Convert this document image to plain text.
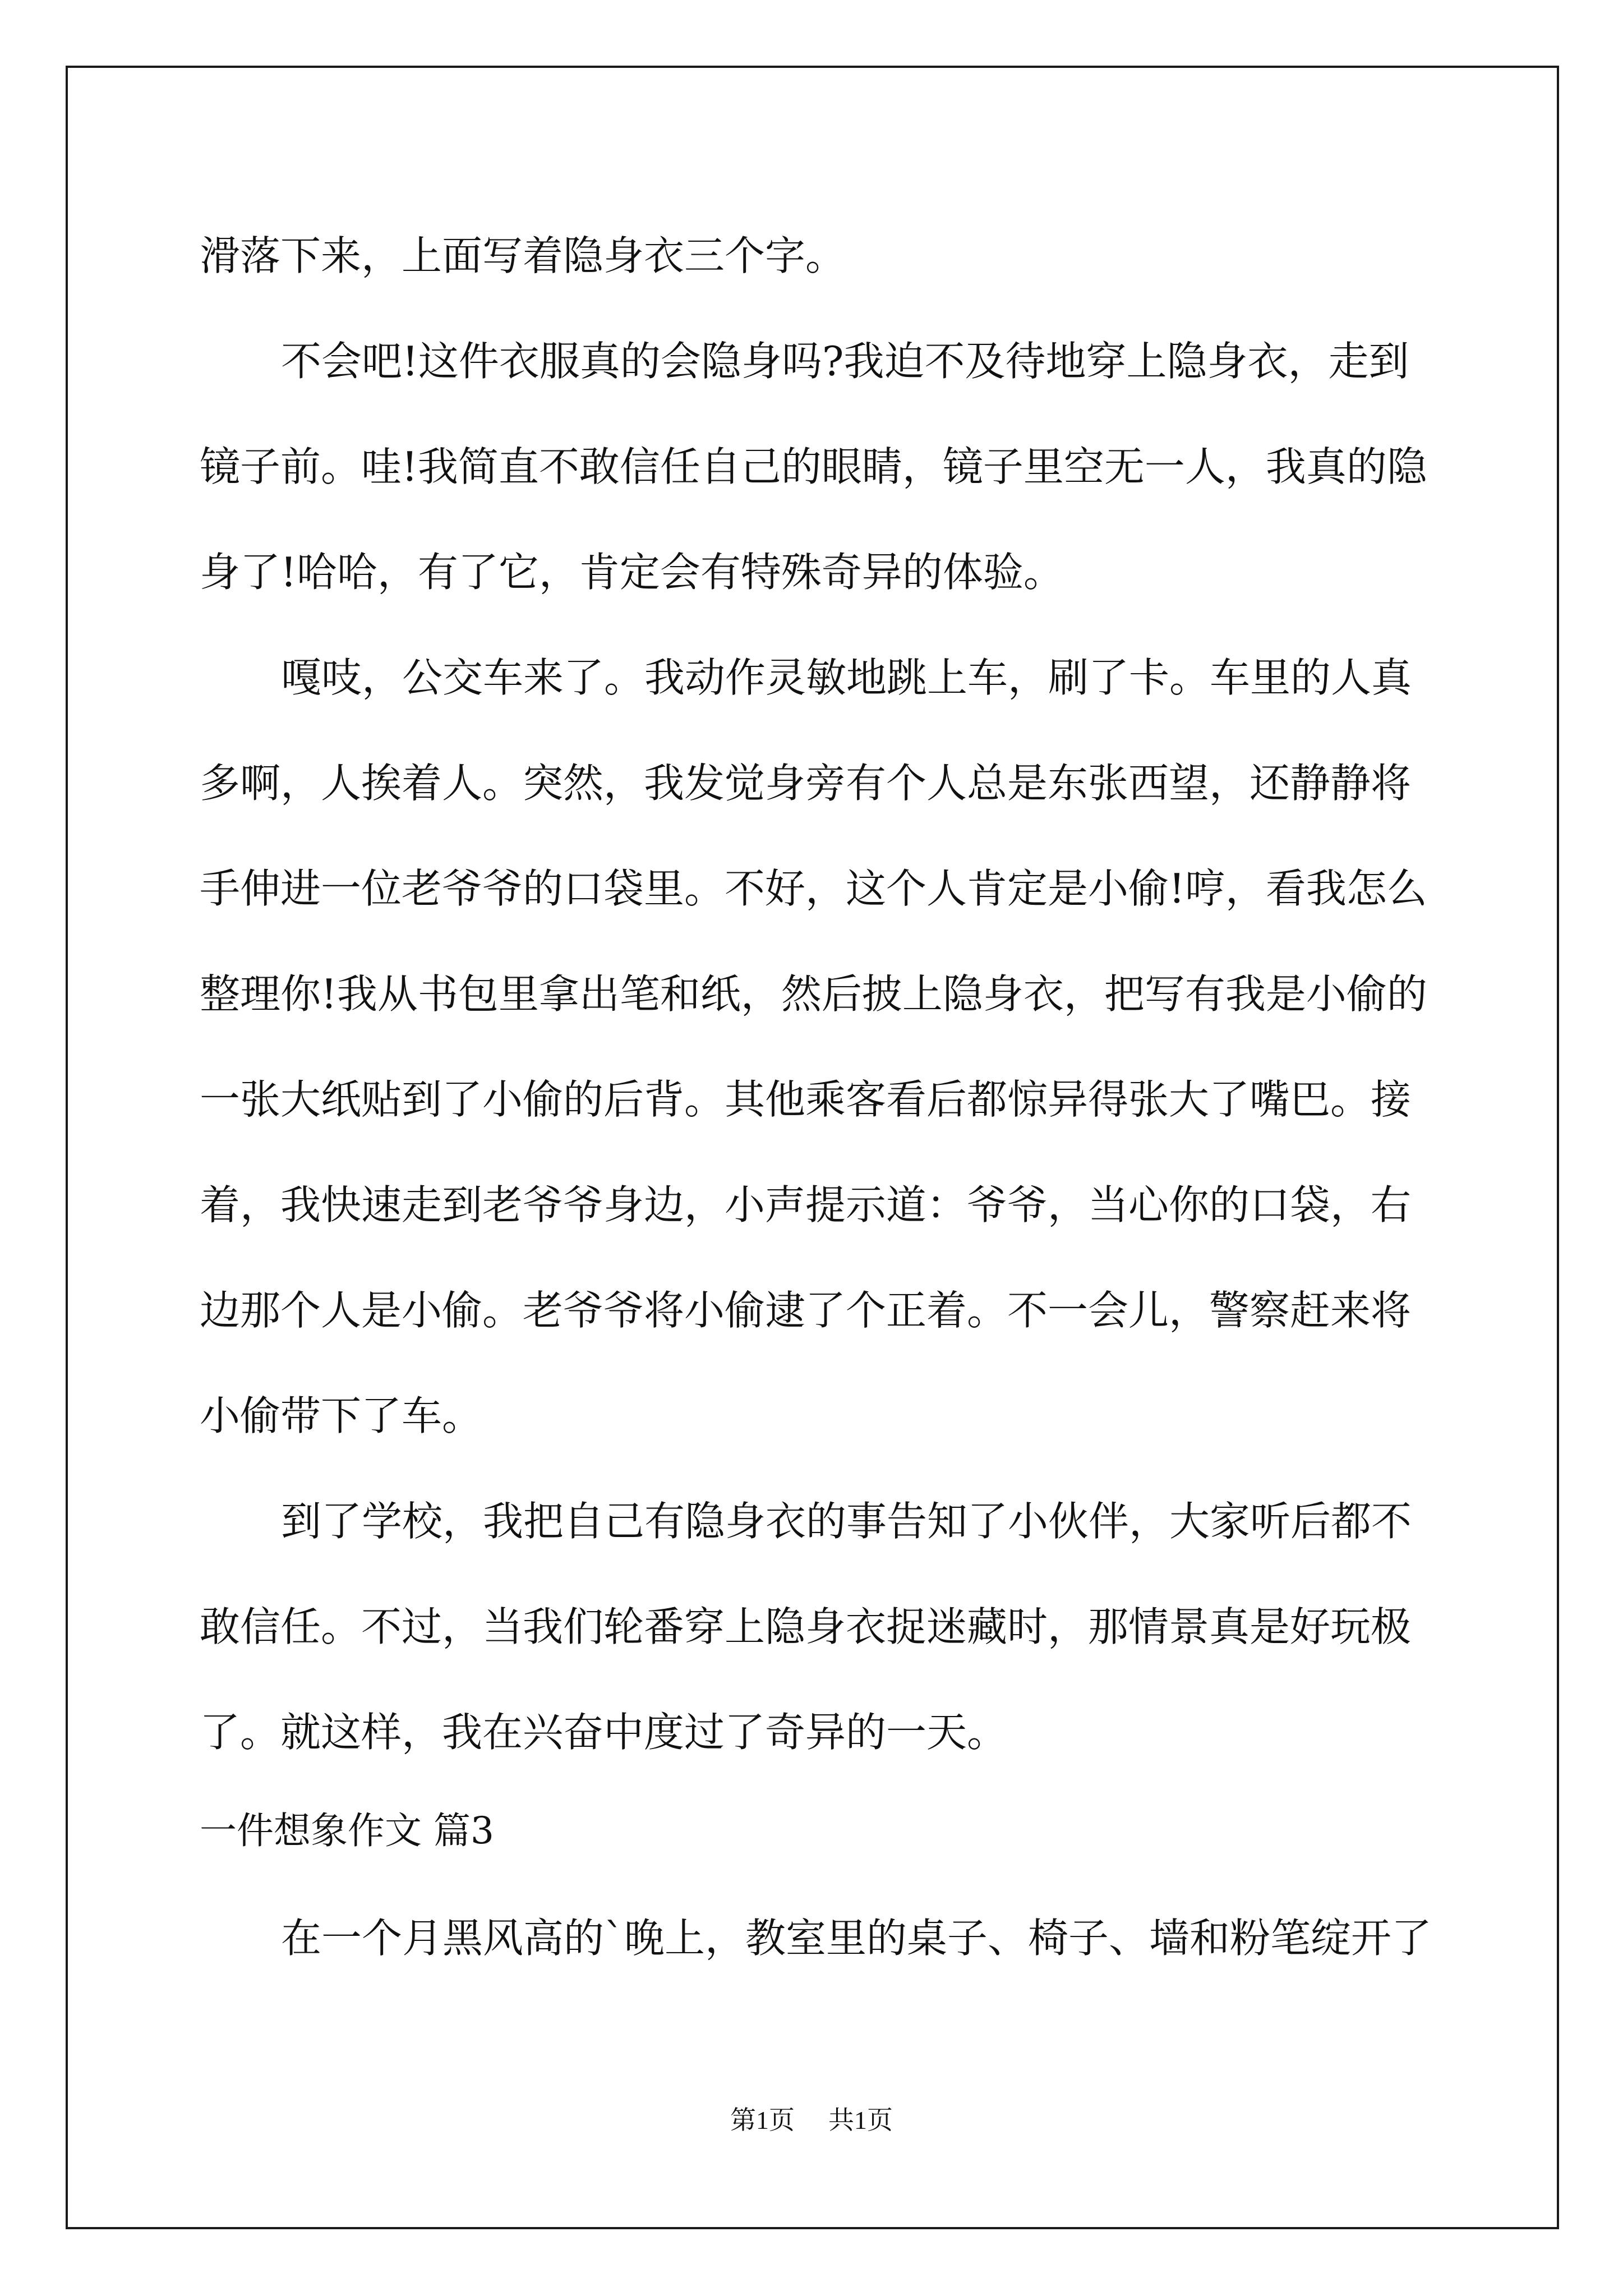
滑落下来，上面写着隐身衣三个字。
不会吧!这件衣服真的会隐身吗?我迫不及待地穿上隐身衣，走到
镜子前。哇!我简直不敢信任自己的眼睛，镜子里空无一人，我真的隐
身了!哈哈，有了它，肯定会有特殊奇异的体验。
嘎吱，公交车来了。我动作灵敏地跳上车，刷了卡。车里的人真
多啊，人挨着人。突然，我发觉身旁有个人总是东张西望，还静静将
手伸进一位老爷爷的口袋里。不好，这个人肯定是小偷!哼，看我怎么
整理你!我从书包里拿出笔和纸，然后披上隐身衣，把写有我是小偷的
一张大纸贴到了小偷的后背。其他乘客看后都惊异得张大了嘴巴。接
着，我快速走到老爷爷身边，小声提示道：爷爷，当心你的口袋，右
边那个人是小偷。老爷爷将小偷逮了个正着。不一会儿，警察赶来将
小偷带下了车。
到了学校，我把自己有隐身衣的事告知了小伙伴，大家听后都不
敢信任。不过，当我们轮番穿上隐身衣捉迷藏时，那情景真是好玩极
了。就这样，我在兴奋中度过了奇异的一天。
一件想象作文 篇3
在一个月黑风高的`晚上，教室里的桌子、椅子、墙和粉笔绽开了
第1页 共1页
